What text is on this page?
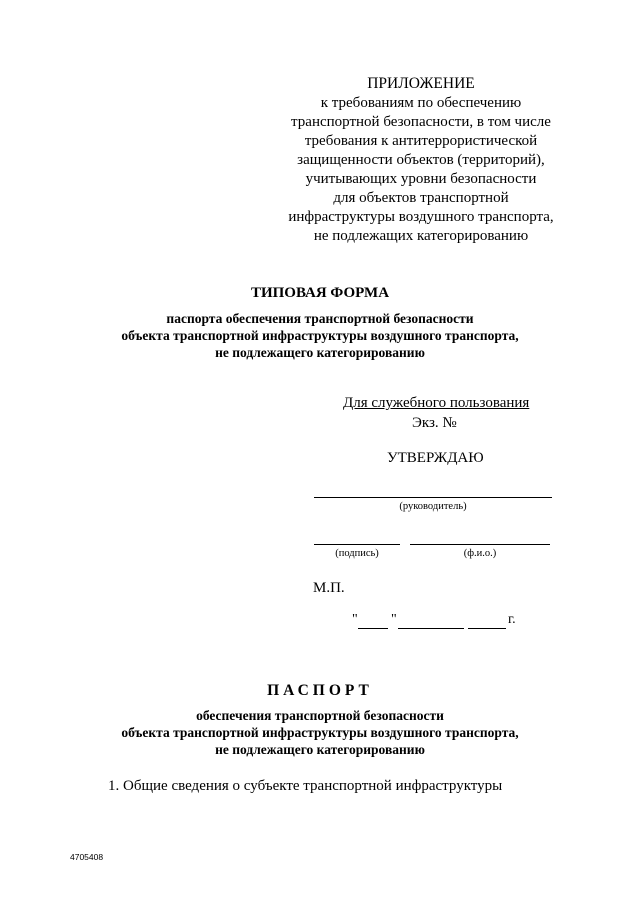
ПРИЛОЖЕНИЕ
к требованиям по обеспечению
транспортной безопасности, в том числе
требования к антитеррористической
защищенности объектов (территорий),
учитывающих уровни безопасности
для объектов транспортной
инфраструктуры воздушного транспорта,
не подлежащих категорированию
ТИПОВАЯ ФОРМА
паспорта обеспечения транспортной безопасности
объекта транспортной инфраструктуры воздушного транспорта,
не подлежащего категорированию
Для служебного пользования
Экз. №
УТВЕРЖДАЮ
(руководитель)
(подпись)	(ф.и.о.)
М.П.
" "	г.
ПАСПОРТ
обеспечения транспортной безопасности
объекта транспортной инфраструктуры воздушного транспорта,
не подлежащего категорированию
1. Общие сведения о субъекте транспортной инфраструктуры
4705408
